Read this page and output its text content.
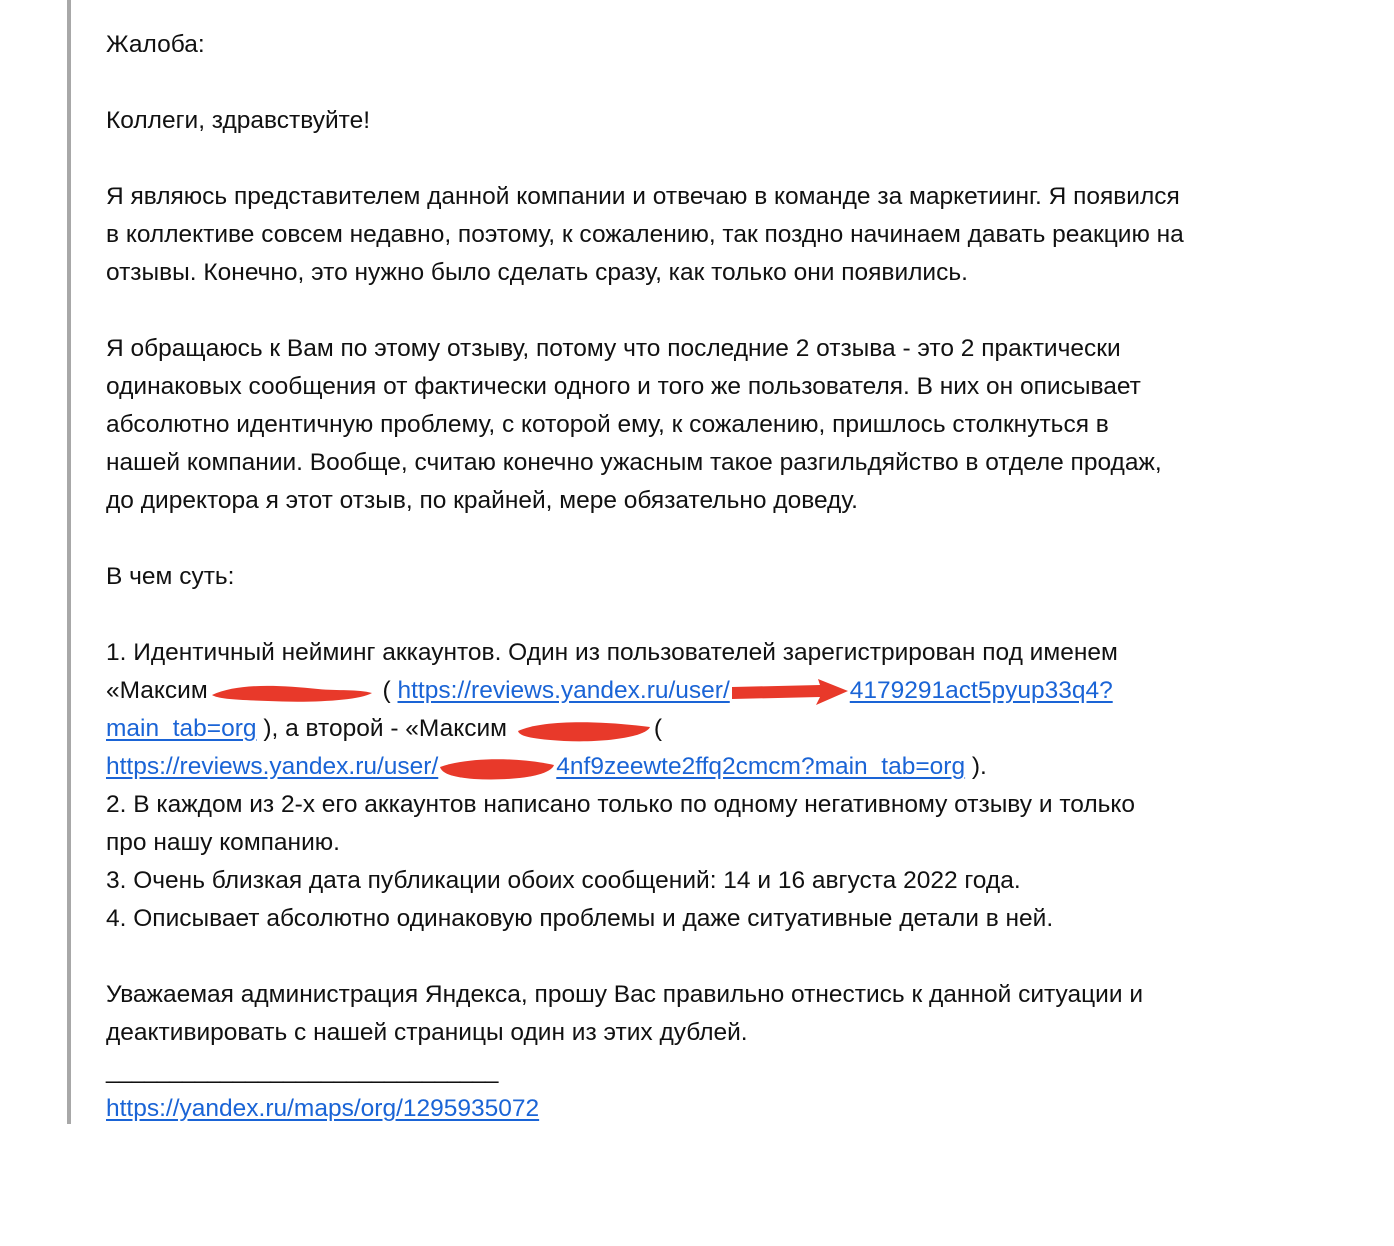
Жалоба:
Коллеги, здравствуйте!
Я являюсь представителем данной компании и отвечаю в команде за маркетиинг. Я появился
в коллективе совсем недавно, поэтому, к сожалению, так поздно начинаем давать реакцию на
отзывы. Конечно, это нужно было сделать сразу, как только они появились.
Я обращаюсь к Вам по этому отзыву, потому что последние 2 отзыва - это 2 практически
одинаковых сообщения от фактически одного и того же пользователя. В них он описывает
абсолютно идентичную проблему, с которой ему, к сожалению, пришлось столкнуться в
нашей компании. Вообще, считаю конечно ужасным такое разгильдяйство в отделе продаж,
до директора я этот отзыв, по крайней, мере обязательно доведу.
В чем суть:
1. Идентичный нейминг аккаунтов. Один из пользователей зарегистрирован под именем
«Максим	( https://reviews.yandex.ru/user/	4179291act5pyup33q4?
main_tab=org ), а второй - «Максим	(
https://reviews.yandex.ru/user/	4nf9zeewte2ffq2cmcm?main_tab=org ).
2. В каждом из 2-х его аккаунтов написано только по одному негативному отзыву и только
про нашу компанию.
3. Очень близкая дата публикации обоих сообщений: 14 и 16 августа 2022 года.
4. Описывает абсолютно одинаковую проблемы и даже ситуативные детали в ней.
Уважаемая администрация Яндекса, прошу Вас правильно отнестись к данной ситуации и
деактивировать с нашей страницы один из этих дублей.
_______________________________
https://yandex.ru/maps/org/1295935072
